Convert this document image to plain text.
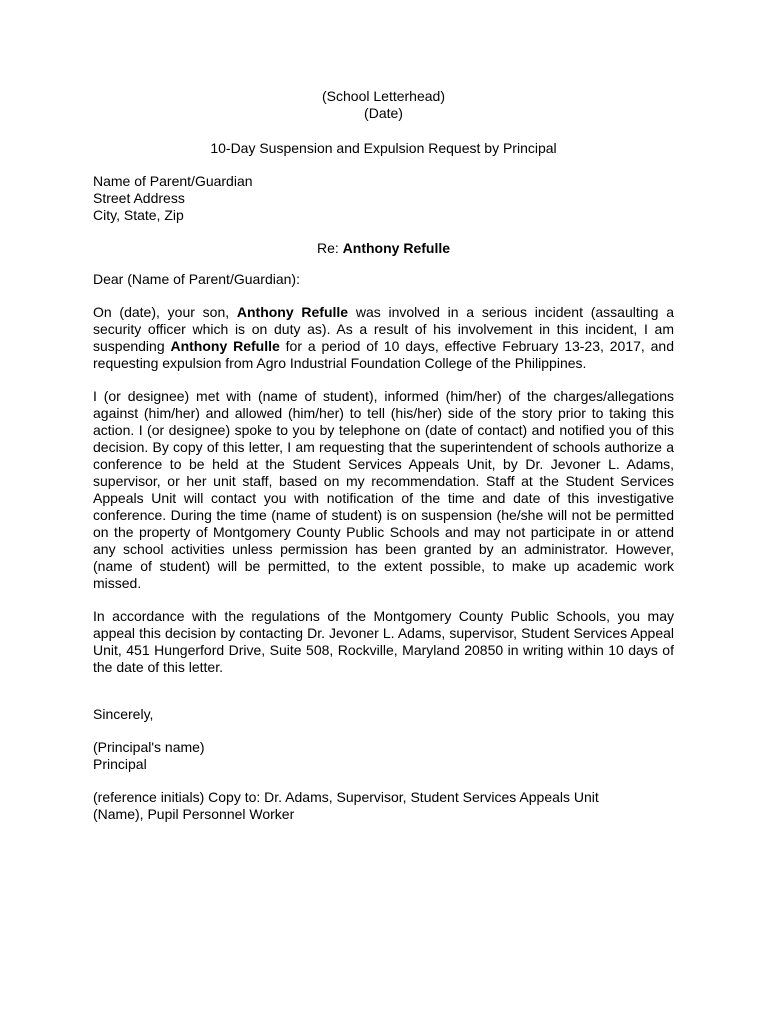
(School Letterhead)

(Date)

10-Day Suspension and Expulsion Request by Principal

Name of Parent/Guardian

Street Address

City, State, Zip

Re: Anthony Refulle

Dear (Name of Parent/Guardian):

On (date), your son, Anthony Refulle was involved in a serious incident (assaulting a security officer which is on duty as). As a result of his involvement in this incident, I am suspending Anthony Refulle for a period of 10 days, effective February 13-23, 2017, and requesting expulsion from Agro Industrial Foundation College of the Philippines.

I (or designee) met with (name of student), informed (him/her) of the charges/allegations against (him/her) and allowed (him/her) to tell (his/her) side of the story prior to taking this action. I (or designee) spoke to you by telephone on (date of contact) and notified you of this decision. By copy of this letter, I am requesting that the superintendent of schools authorize a conference to be held at the Student Services Appeals Unit, by Dr. Jevoner L. Adams, supervisor, or her unit staff, based on my recommendation. Staff at the Student Services Appeals Unit will contact you with notification of the time and date of this investigative conference. During the time (name of student) is on suspension (he/she will not be permitted on the property of Montgomery County Public Schools and may not participate in or attend any school activities unless permission has been granted by an administrator. However, (name of student) will be permitted, to the extent possible, to make up academic work missed.

In accordance with the regulations of the Montgomery County Public Schools, you may appeal this decision by contacting Dr. Jevoner L. Adams, supervisor, Student Services Appeal Unit, 451 Hungerford Drive, Suite 508, Rockville, Maryland 20850 in writing within 10 days of the date of this letter.

Sincerely,

(Principal's name)

Principal

(reference initials) Copy to: Dr. Adams, Supervisor, Student Services Appeals Unit

(Name), Pupil Personnel Worker
